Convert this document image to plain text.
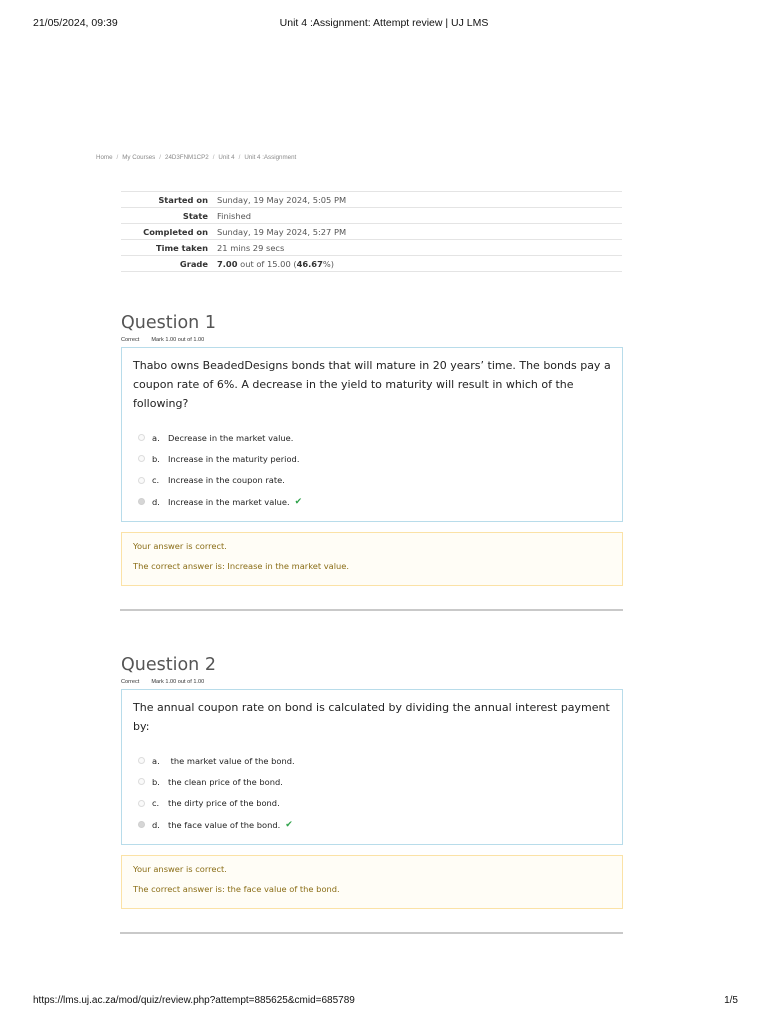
21/05/2024, 09:39	Unit 4 :Assignment: Attempt review | UJ LMS
Home / My Courses / 24D3FNM1CP2 / Unit 4 / Unit 4 :Assignment
Started on	Sunday, 19 May 2024, 5:05 PM
State	Finished
Completed on	Sunday, 19 May 2024, 5:27 PM
Time taken	21 mins 29 secs
Grade	7.00 out of 15.00 (46.67%)
Question 1
Correct Mark 1.00 out of 1.00

Thabo owns BeadedDesigns bonds that will mature in 20 years’ time. The bonds pay a coupon rate of 6%. A decrease in the yield to maturity will result in which of the following?

a. Decrease in the market value.
b. Increase in the maturity period.
c.	Increase in the coupon rate.
d. Increase in the market value. ✔
Your answer is correct.
The correct answer is: Increase in the market value.
Question 2
Correct Mark 1.00 out of 1.00

The annual coupon rate on bond is calculated by dividing the annual interest payment by:

a. the market value of the bond.
b. the clean price of the bond.
c.	the dirty price of the bond.
d. the face value of the bond. ✔
Your answer is correct.
The correct answer is: the face value of the bond.
https://lms.uj.ac.za/mod/quiz/review.php?attempt=885625&cmid=685789	1/5
